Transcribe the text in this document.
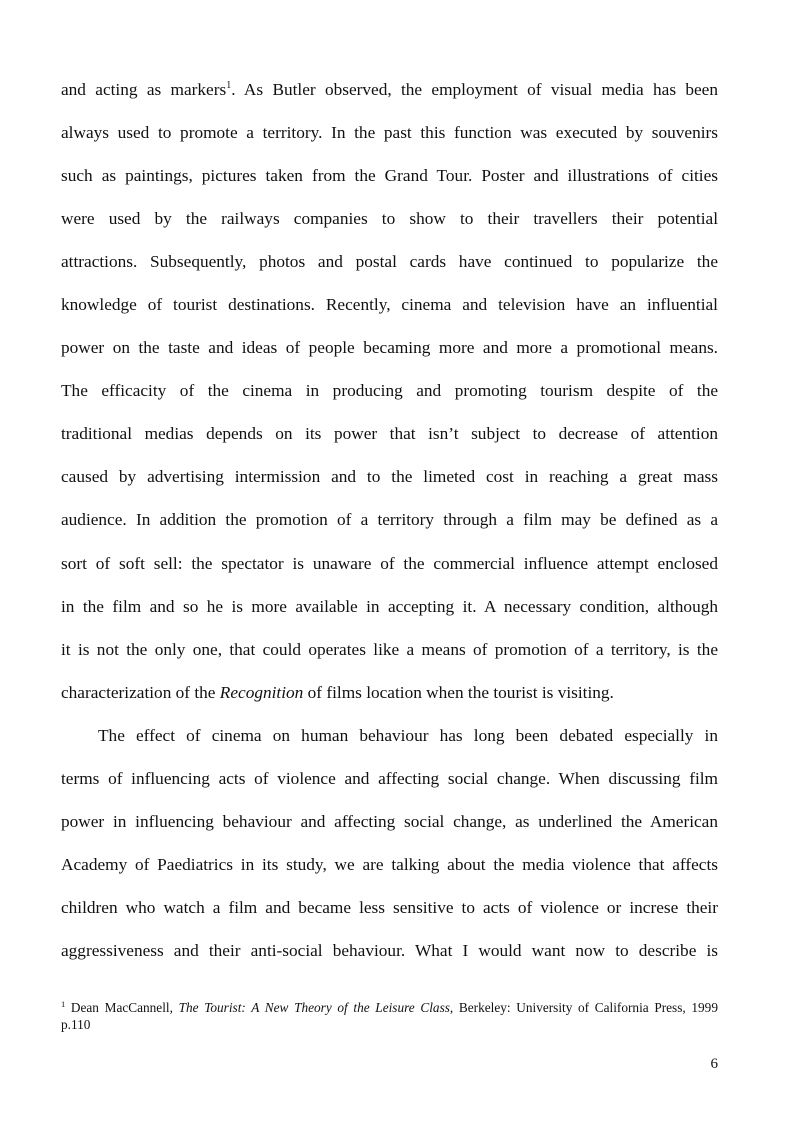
and acting as markers$^1$. As Butler observed, the employment of visual media has been
always used to promote a territory. In the past this function was executed by souvenirs
such as paintings, pictures taken from the Grand Tour. Poster and illustrations of cities
were used by the railways companies to show to their travellers their potential
attractions. Subsequently, photos and postal cards have continued to popularize the
knowledge of tourist destinations. Recently, cinema and television have an influential
power on the taste and ideas of people becaming more and more a promotional means.
The efficacity of the cinema in producing and promoting tourism despite of the
traditional medias depends on its power that isn’t subject to decrease of attention
caused by advertising intermission and to the limeted cost in reaching a great mass
audience. In addition the promotion of a territory through a film may be defined as a
sort of soft sell: the spectator is unaware of the commercial influence attempt enclosed
in the film and so he is more available in accepting it. A necessary condition, although
it is not the only one, that could operates like a means of promotion of a territory, is the
characterization of the Recognition of films location when the tourist is visiting.
The effect of cinema on human behaviour has long been debated especially in
terms of influencing acts of violence and affecting social change. When discussing film
power in influencing behaviour and affecting social change, as underlined the American
Academy of Paediatrics in its study, we are talking about the media violence that affects
children who watch a film and became less sensitive to acts of violence or increse their
aggressiveness and their anti-social behaviour. What I would want now to describe is
$^1$ Dean MacCannell, The Tourist: A New Theory of the Leisure Class, Berkeley: University of California Press, 1999
p.110
6
